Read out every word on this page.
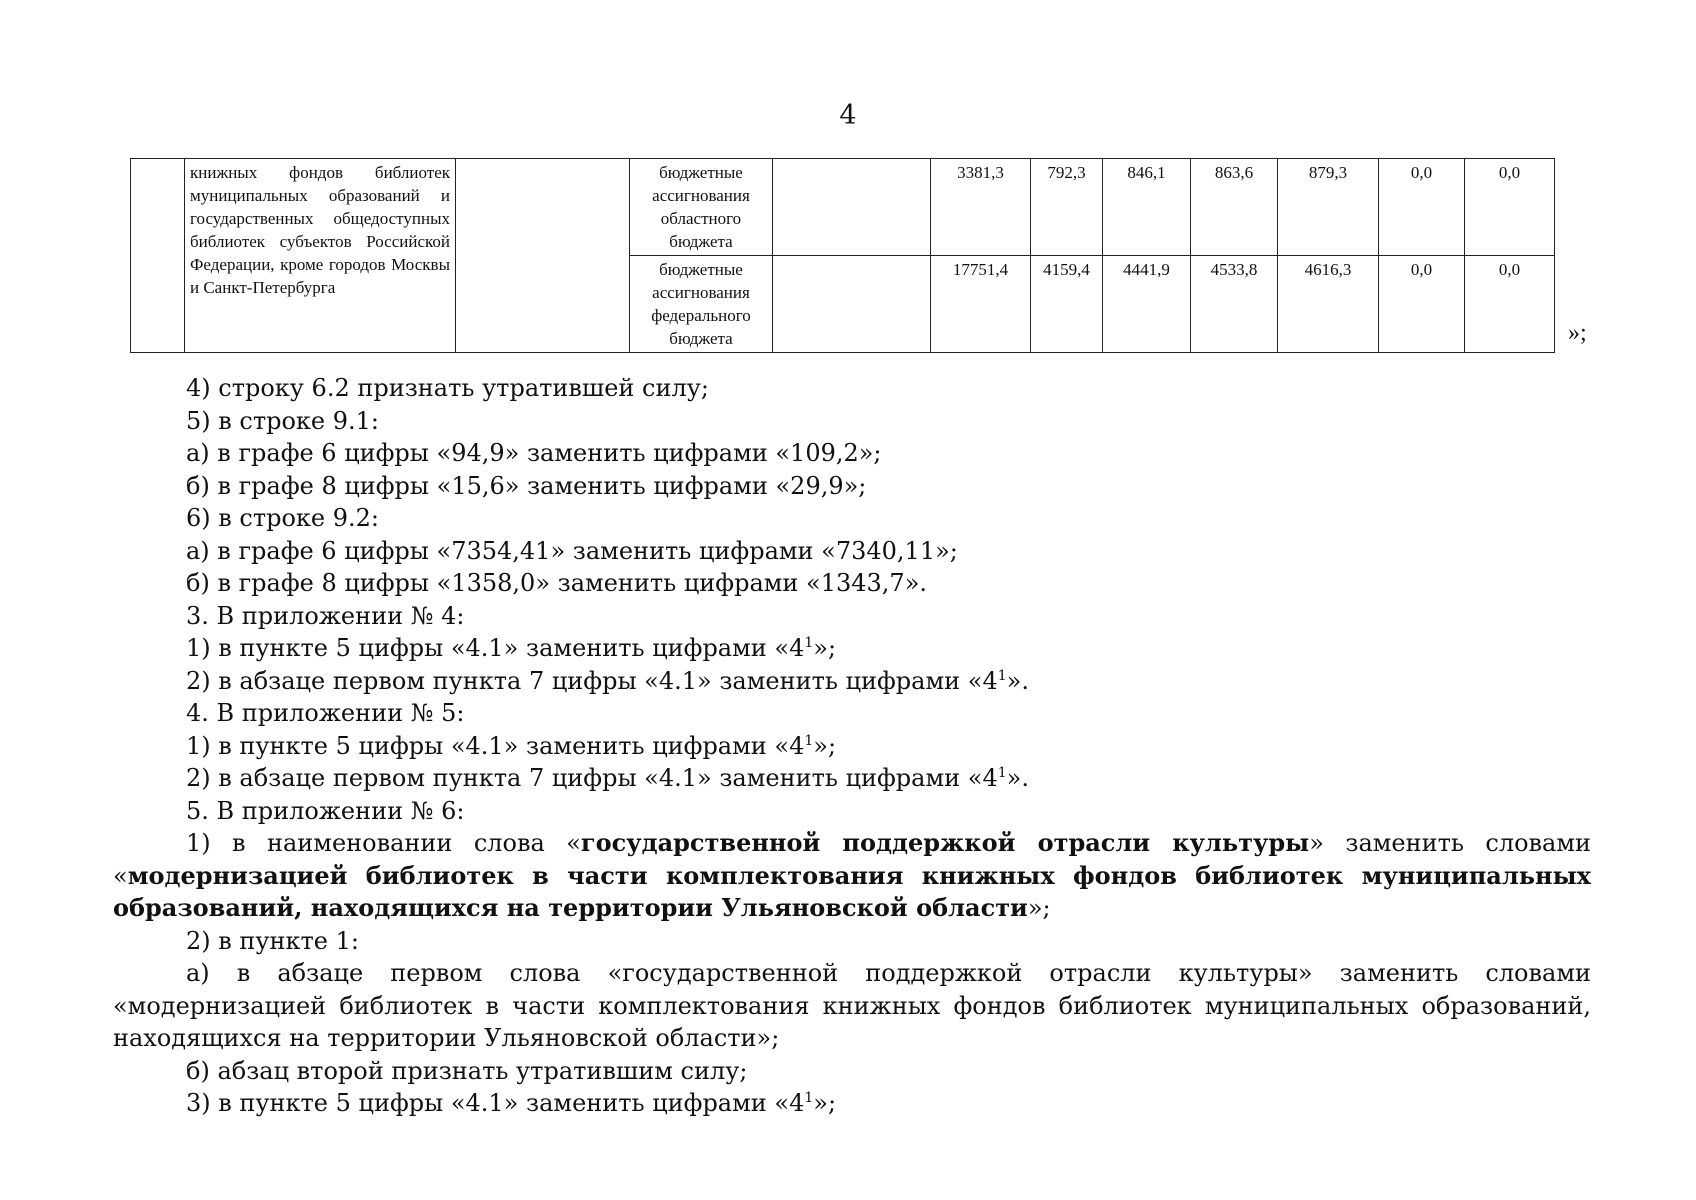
4
	книжных фондов библиотек муниципальных образований и государственных общедоступных библиотек субъектов Российской Федерации, кроме городов Москвы и Санкт-Петербурга		бюджетные ассигнования областного бюджета		3381,3	792,3	846,1	863,6	879,3	0,0	0,0
			бюджетные ассигнования федерального бюджета		17751,4	4159,4	4441,9	4533,8	4616,3	0,0	0,0
»;

4) строку 6.2 признать утратившей силу;

5) в строке 9.1:

а) в графе 6 цифры «94,9» заменить цифрами «109,2»;

б) в графе 8 цифры «15,6» заменить цифрами «29,9»;

6) в строке 9.2:

а) в графе 6 цифры «7354,41» заменить цифрами «7340,11»;

б) в графе 8 цифры «1358,0» заменить цифрами «1343,7».

3. В приложении № 4:

1) в пункте 5 цифры «4.1» заменить цифрами «$4^1$»;

2) в абзаце первом пункта 7 цифры «4.1» заменить цифрами «$4^1$».

4. В приложении № 5:

1) в пункте 5 цифры «4.1» заменить цифрами «$4^1$»;

2) в абзаце первом пункта 7 цифры «4.1» заменить цифрами «$4^1$».

5. В приложении № 6:

1) в наименовании слова «государственной поддержкой отрасли культуры» заменить словами «модернизацией библиотек в части комплектования книжных фондов библиотек муниципальных образований, находящихся на территории Ульяновской области»;

2) в пункте 1:

а) в абзаце первом слова «государственной поддержкой отрасли культуры» заменить словами «модернизацией библиотек в части комплектования книжных фондов библиотек муниципальных образований, находящихся на территории Ульяновской области»;

б) абзац второй признать утратившим силу;

3) в пункте 5 цифры «4.1» заменить цифрами «$4^1$»;
